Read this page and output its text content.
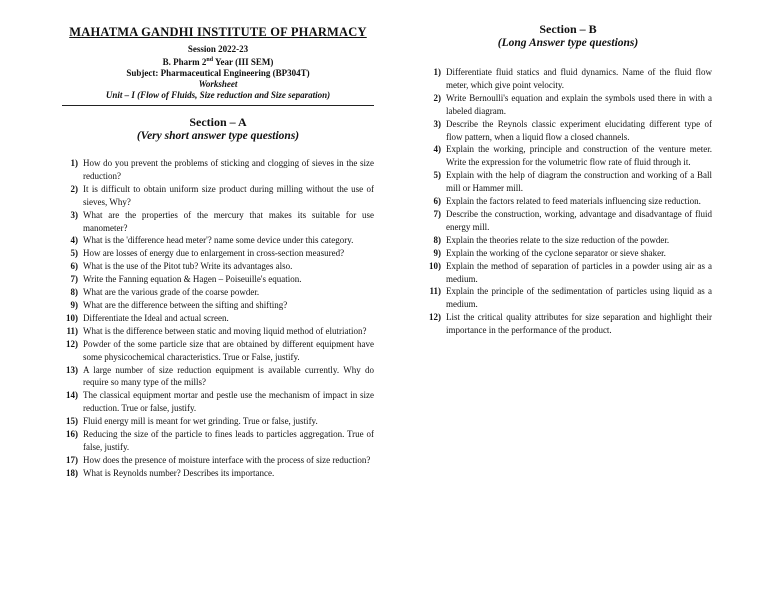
MAHATMA GANDHI INSTITUTE OF PHARMACY
Session 2022-23
B. Pharm 2nd Year (III SEM)
Subject: Pharmaceutical Engineering (BP304T)
Worksheet
Unit – I (Flow of Fluids, Size reduction and Size separation)
Section – A
(Very short answer type questions)
1) How do you prevent the problems of sticking and clogging of sieves in the size reduction?
2) It is difficult to obtain uniform size product during milling without the use of sieves, Why?
3) What are the properties of the mercury that makes its suitable for use manometer?
4) What is the 'difference head meter'? name some device under this category.
5) How are losses of energy due to enlargement in cross-section measured?
6) What is the use of the Pitot tub? Write its advantages also.
7) Write the Fanning equation & Hagen – Poiseuille's equation.
8) What are the various grade of the coarse powder.
9) What are the difference between the sifting and shifting?
10) Differentiate the Ideal and actual screen.
11) What is the difference between static and moving liquid method of elutriation?
12) Powder of the some particle size that are obtained by different equipment have some physicochemical characteristics. True or False, justify.
13) A large number of size reduction equipment is available currently. Why do require so many type of the mills?
14) The classical equipment mortar and pestle use the mechanism of impact in size reduction. True or false, justify.
15) Fluid energy mill is meant for wet grinding. True or false, justify.
16) Reducing the size of the particle to fines leads to particles aggregation. True of false, justify.
17) How does the presence of moisture interface with the process of size reduction?
18) What is Reynolds number? Describes its importance.
Section – B
(Long Answer type questions)
1) Differentiate fluid statics and fluid dynamics. Name of the fluid flow meter, which give point velocity.
2) Write Bernoulli's equation and explain the symbols used there in with a labeled diagram.
3) Describe the Reynols classic experiment elucidating different type of flow pattern, when a liquid flow a closed channels.
4) Explain the working, principle and construction of the venture meter. Write the expression for the volumetric flow rate of fluid through it.
5) Explain with the help of diagram the construction and working of a Ball mill or Hammer mill.
6) Explain the factors related to feed materials influencing size reduction.
7) Describe the construction, working, advantage and disadvantage of fluid energy mill.
8) Explain the theories relate to the size reduction of the powder.
9) Explain the working of the cyclone separator or sieve shaker.
10) Explain the method of separation of particles in a powder using air as a medium.
11) Explain the principle of the sedimentation of particles using liquid as a medium.
12) List the critical quality attributes for size separation and highlight their importance in the performance of the product.
